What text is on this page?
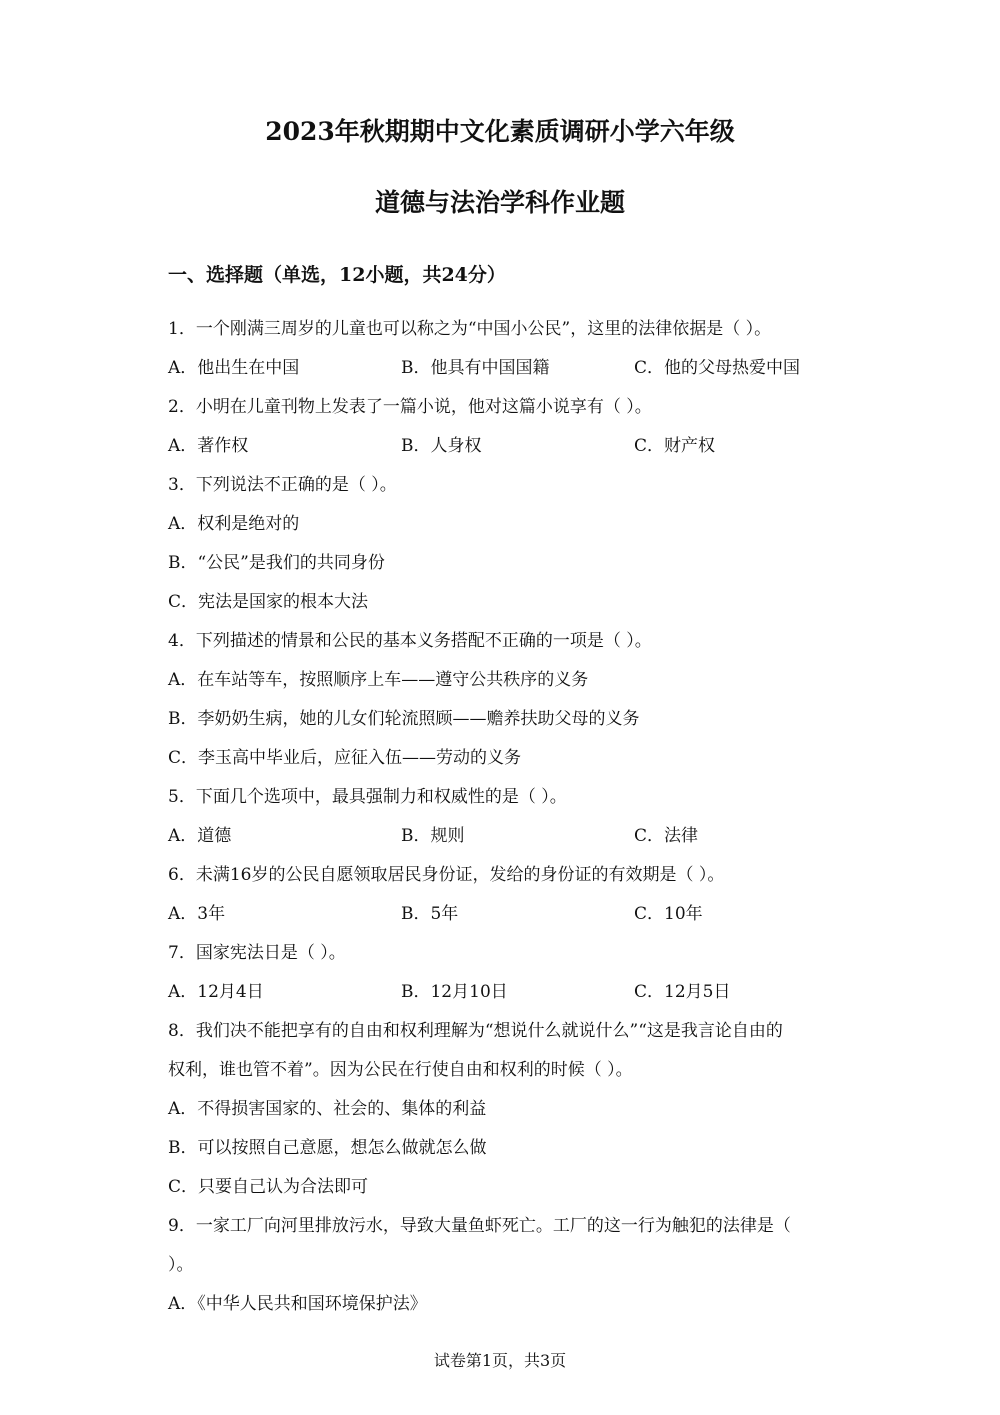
2023年秋期期中文化素质调研小学六年级
道德与法治学科作业题
一、选择题（单选，12小题，共24分）
1．一个刚满三周岁的儿童也可以称之为“中国小公民”，这里的法律依据是（ ）。
A．他出生在中国	B．他具有中国国籍	C．他的父母热爱中国
2．小明在儿童刊物上发表了一篇小说，他对这篇小说享有（ ）。
A．著作权	B．人身权	C．财产权
3．下列说法不正确的是（ ）。
A．权利是绝对的
B．“公民”是我们的共同身份
C．宪法是国家的根本大法
4．下列描述的情景和公民的基本义务搭配不正确的一项是（ ）。
A．在车站等车，按照顺序上车——遵守公共秩序的义务
B．李奶奶生病，她的儿女们轮流照顾——赡养扶助父母的义务
C．李玉高中毕业后，应征入伍——劳动的义务
5．下面几个选项中，最具强制力和权威性的是（ ）。
A．道德	B．规则	C．法律
6．未满16岁的公民自愿领取居民身份证，发给的身份证的有效期是（ ）。
A．3年	B．5年	C．10年
7．国家宪法日是（ ）。
A．12月4日	B．12月10日	C．12月5日
8．我们决不能把享有的自由和权利理解为“想说什么就说什么”“这是我言论自由的
权利，谁也管不着”。因为公民在行使自由和权利的时候（ ）。
A．不得损害国家的、社会的、集体的利益
B．可以按照自己意愿，想怎么做就怎么做
C．只要自己认为合法即可
9．一家工厂向河里排放污水，导致大量鱼虾死亡。工厂的这一行为触犯的法律是（
）。
A．《中华人民共和国环境保护法》
试卷第1页，共3页
